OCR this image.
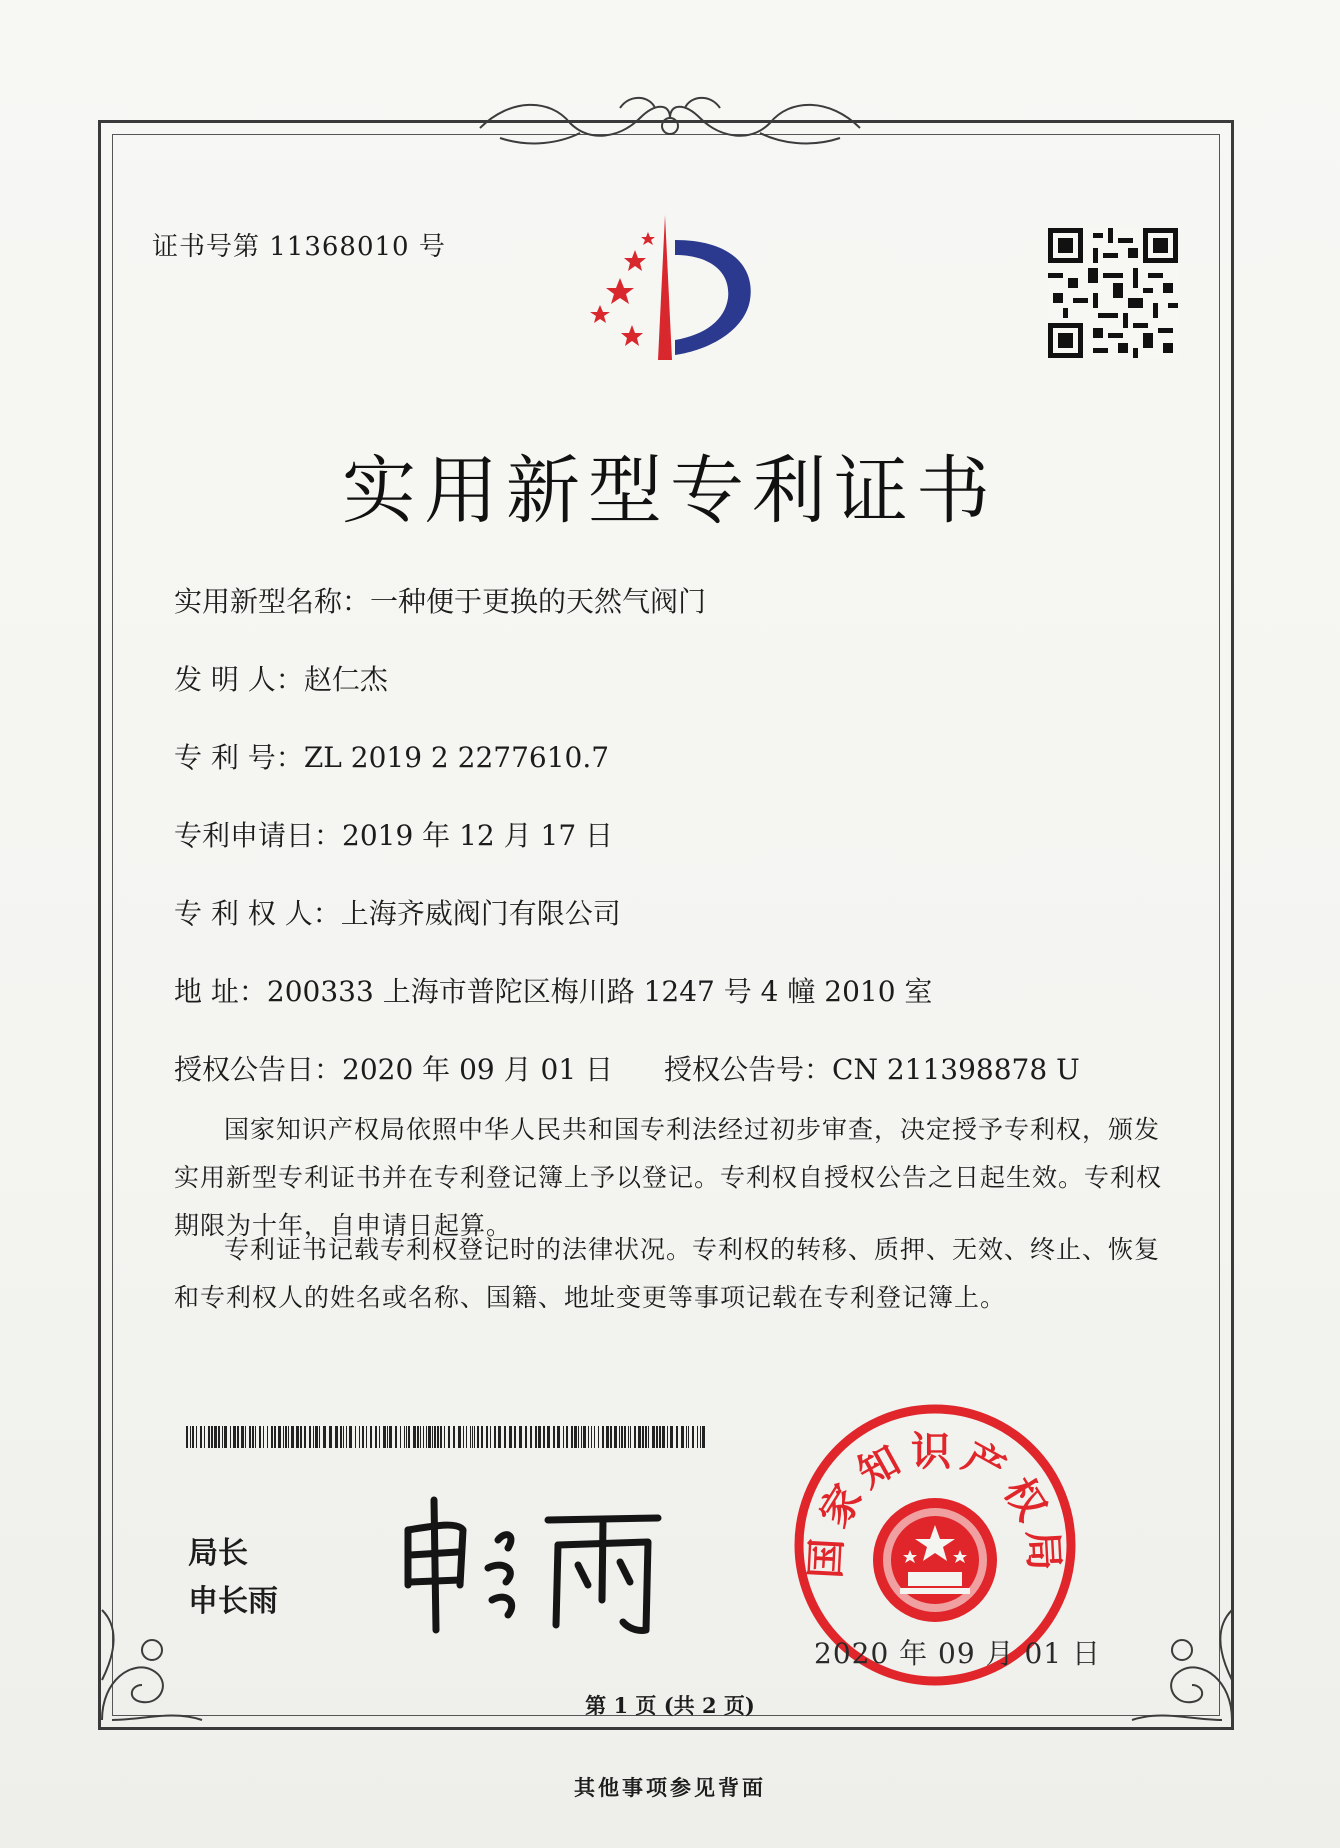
证书号第 11368010 号
实用新型专利证书
实用新型名称：一种便于更换的天然气阀门
发 明 人：赵仁杰
专 利 号：ZL 2019 2 2277610.7
专利申请日：2019 年 12 月 17 日
专 利 权 人：上海齐威阀门有限公司
地 址：200333 上海市普陀区梅川路 1247 号 4 幢 2010 室
授权公告日：2020 年 09 月 01 日 授权公告号：CN 211398878 U
国家知识产权局依照中华人民共和国专利法经过初步审查，决定授予专利权，颁发实用新型专利证书并在专利登记簿上予以登记。专利权自授权公告之日起生效。专利权期限为十年，自申请日起算。
专利证书记载专利权登记时的法律状况。专利权的转移、质押、无效、终止、恢复和专利权人的姓名或名称、国籍、地址变更等事项记载在专利登记簿上。
局长
申长雨
国家知识产权局
2020 年 09 月 01 日
第 1 页 (共 2 页)
其他事项参见背面
